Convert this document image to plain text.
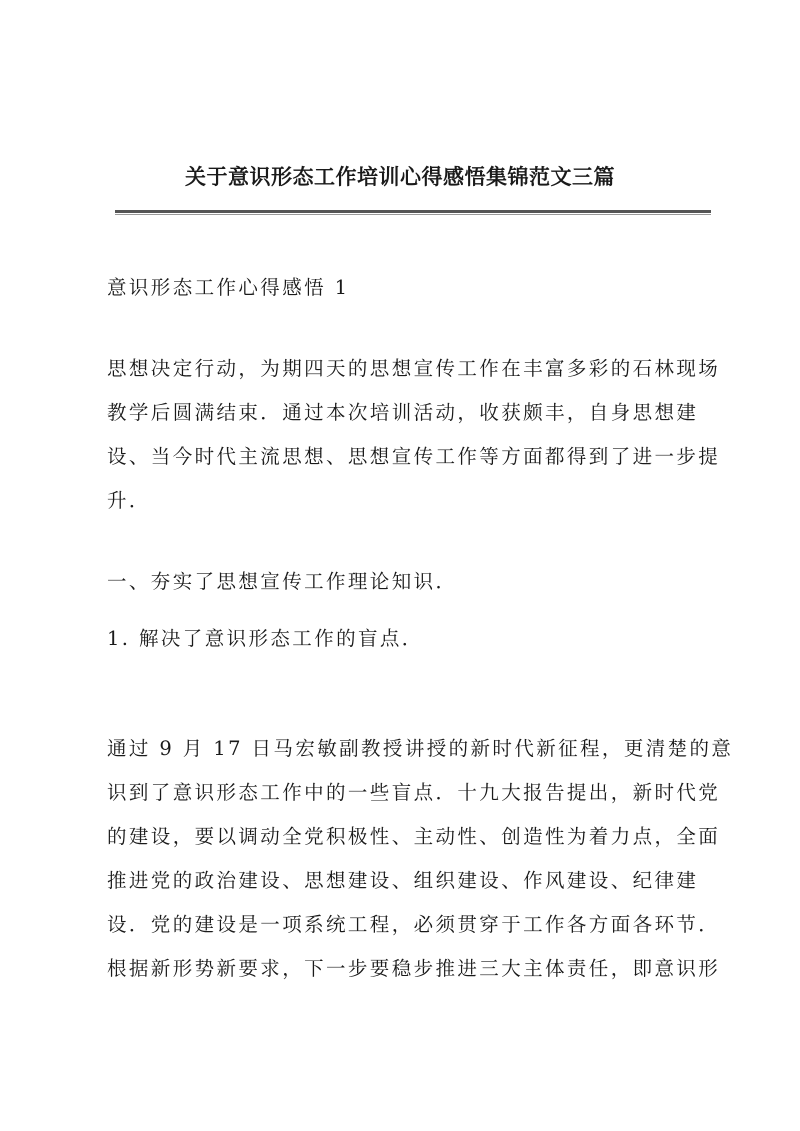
关于意识形态工作培训心得感悟集锦范文三篇

意识形态工作心得感悟 1

思想决定行动，为期四天的思想宣传工作在丰富多彩的石林现场
教学后圆满结束．通过本次培训活动，收获颇丰，自身思想建
设、当今时代主流思想、思想宣传工作等方面都得到了进一步提
升．

一、夯实了思想宣传工作理论知识．

1. 解决了意识形态工作的盲点．

通过 9 月 17 日马宏敏副教授讲授的新时代新征程，更清楚的意
识到了意识形态工作中的一些盲点．十九大报告提出，新时代党
的建设，要以调动全党积极性、主动性、创造性为着力点，全面
推进党的政治建设、思想建设、组织建设、作风建设、纪律建
设．党的建设是一项系统工程，必须贯穿于工作各方面各环节．
根据新形势新要求，下一步要稳步推进三大主体责任，即意识形
